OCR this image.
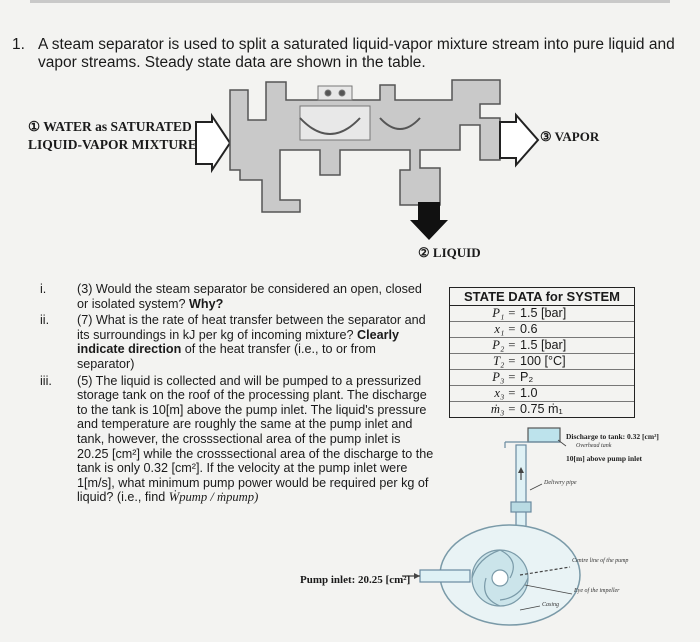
1. A steam separator is used to split a saturated liquid-vapor mixture stream into pure liquid and vapor streams. Steady state data are shown in the table.
① WATER as SATURATED
LIQUID-VAPOR MIXTURE
③ VAPOR
② LIQUID
i. (3) Would the steam separator be considered an open, closed or isolated system? Why?
ii. (7) What is the rate of heat transfer between the separator and its surroundings in kJ per kg of incoming mixture? Clearly indicate direction of the heat transfer (i.e., to or from separator)
iii. (5) The liquid is collected and will be pumped to a pressurized storage tank on the roof of the processing plant. The discharge to the tank is 10[m] above the pump inlet. The liquid's pressure and temperature are roughly the same at the pump inlet and tank, however, the crosssectional area of the pump inlet is 20.25 [cm²] while the crosssectional area of the discharge to the tank is only 0.32 [cm²]. If the velocity at the pump inlet were 1[m/s], what minimum pump power would be required per kg of liquid? (i.e., find Ẇpump / ṁpump)
STATE DATA for SYSTEM
P₁ = 1.5 [bar]
x₁ = 0.6
P₂ = 1.5 [bar]
T₂ = 100 [°C]
P₃ = P₂
x₃ = 1.0
ṁ₃ = 0.75 ṁ₁
Discharge to tank: 0.32 [cm²]
Overhead tank
10[m] above pump inlet
Delivery pipe
Centre line of the pump
Eye of the impeller
Casing
Pump inlet: 20.25 [cm²]
